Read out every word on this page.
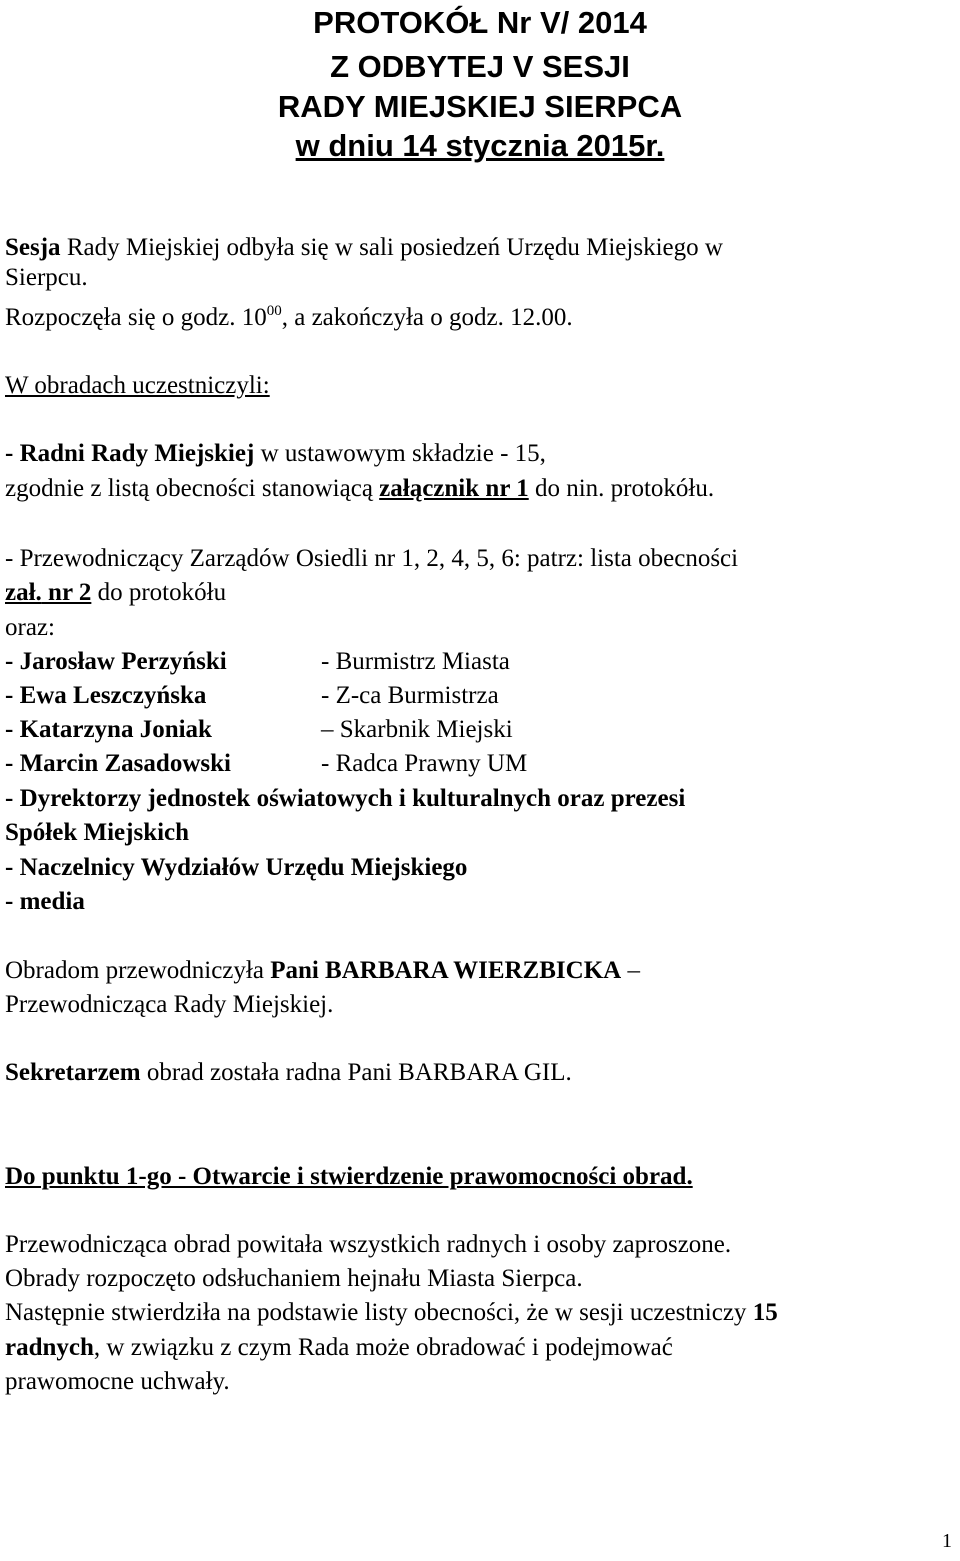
PROTOKÓŁ Nr V/ 2014
Z ODBYTEJ V SESJI
RADY MIEJSKIEJ SIERPCA
w dniu 14 stycznia 2015r.
Sesja Rady Miejskiej odbyła się w sali posiedzeń Urzędu Miejskiego w
Sierpcu.
Rozpoczęła się o godz. $10^{00}$, a zakończyła o godz. 12.00.
W obradach uczestniczyli:
- Radni Rady Miejskiej w ustawowym składzie - 15,
zgodnie z listą obecności stanowiącą załącznik nr 1 do nin. protokółu.
- Przewodniczący Zarządów Osiedli nr 1, 2, 4, 5, 6: patrz: lista obecności
zał. nr 2 do protokółu
oraz:
- Jarosław Perzyński	- Burmistrz Miasta
- Ewa Leszczyńska	- Z-ca Burmistrza
- Katarzyna Joniak	– Skarbnik Miejski
- Marcin Zasadowski	- Radca Prawny UM
- Dyrektorzy jednostek oświatowych i kulturalnych oraz prezesi
Spółek Miejskich
- Naczelnicy Wydziałów Urzędu Miejskiego
- media
Obradom przewodniczyła Pani BARBARA WIERZBICKA –
Przewodnicząca Rady Miejskiej.
Sekretarzem obrad została radna Pani BARBARA GIL.
Do punktu 1-go - Otwarcie i stwierdzenie prawomocności obrad.
Przewodnicząca obrad powitała wszystkich radnych i osoby zaproszone.
Obrady rozpoczęto odsłuchaniem hejnału Miasta Sierpca.
Następnie stwierdziła na podstawie listy obecności, że w sesji uczestniczy 15
radnych, w związku z czym Rada może obradować i podejmować
prawomocne uchwały.
1
